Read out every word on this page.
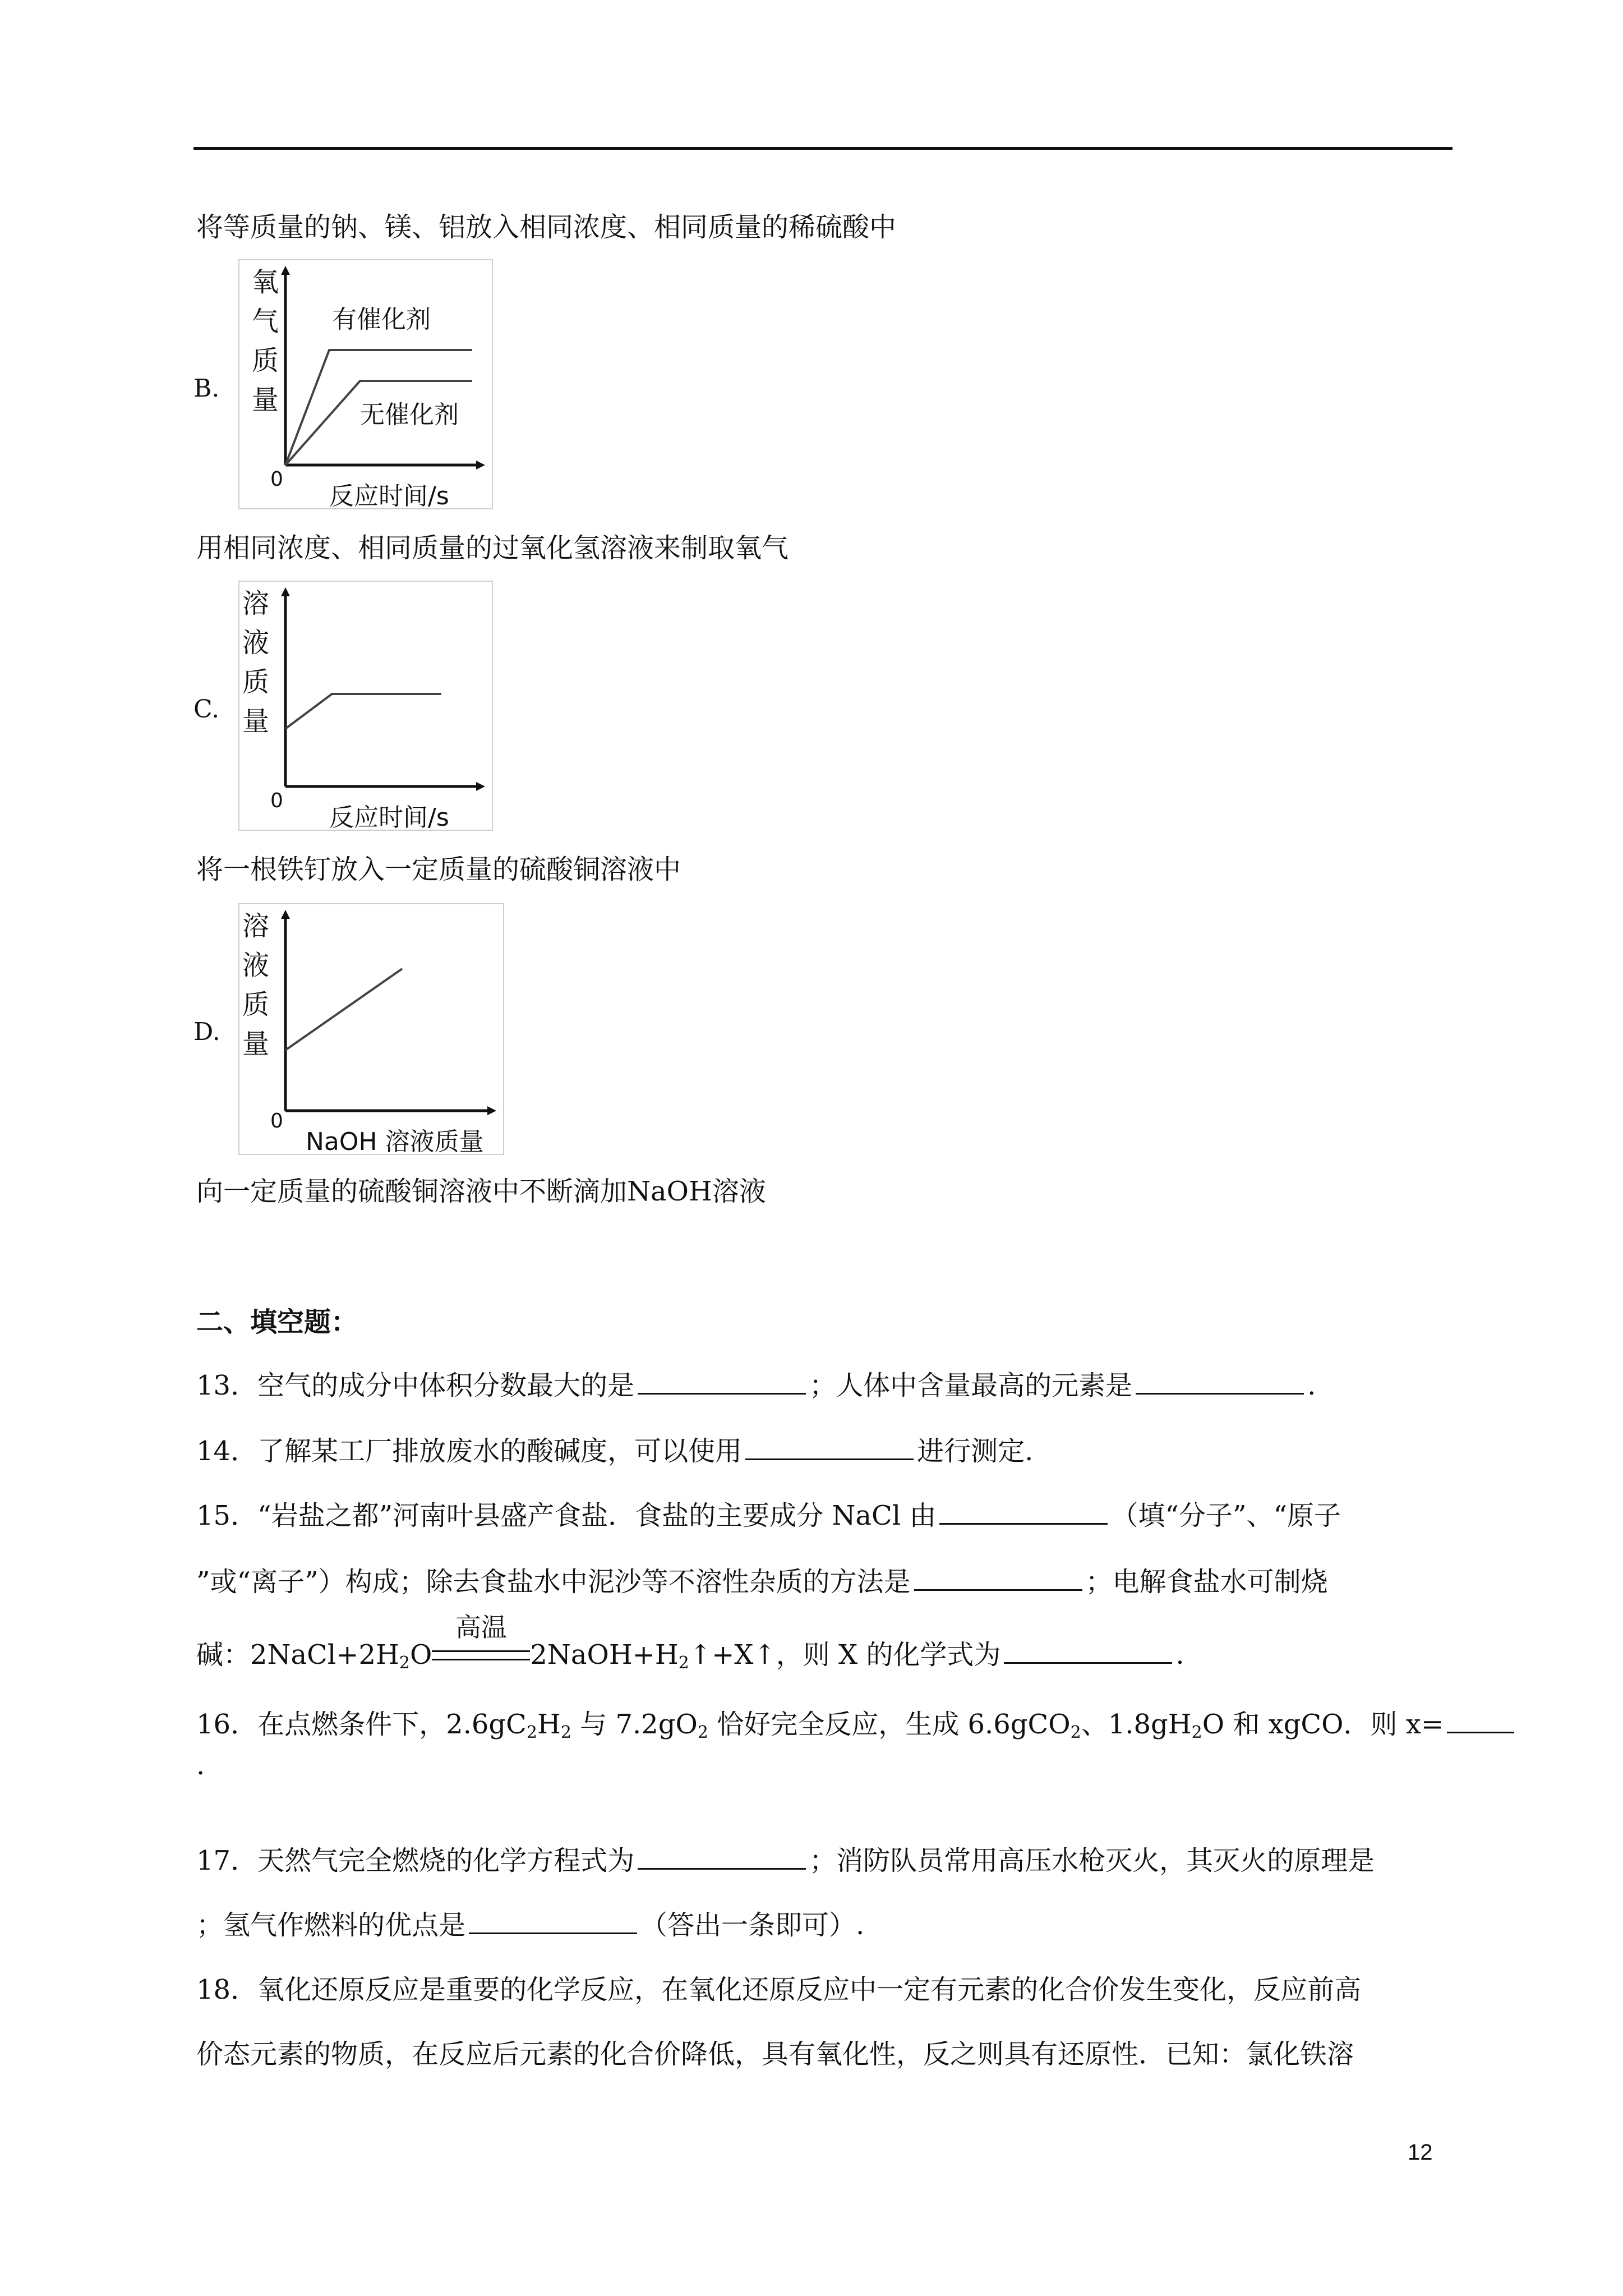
将等质量的钠、镁、铝放入相同浓度、相同质量的稀硫酸中
B.
氧
气
质
量
0
反应时间/s
有催化剂
无催化剂
用相同浓度、相同质量的过氧化氢溶液来制取氧气
C.
溶
液
质
量
0
反应时间/s
将一根铁钉放入一定质量的硫酸铜溶液中
D.
溶
液
质
量
0
NaOH 溶液质量
向一定质量的硫酸铜溶液中不断滴加NaOH溶液
二、填空题：
13．空气的成分中体积分数最大的是	；人体中含量最高的元素是	.
14．了解某工厂排放废水的酸碱度，可以使用	进行测定.
15．“岩盐之都”河南叶县盛产食盐．食盐的主要成分 NaCl 由	（填“分子”、“原子
”或“离子”）构成；除去食盐水中泥沙等不溶性杂质的方法是	；电解食盐水可制烧
碱：$2NaCl+2H_2O$
高温
$2NaOH+H_2↑+X↑$，则 X 的化学式为	.
16．在点燃条件下，$2.6gC_2H_2$ 与 $7.2gO_2$ 恰好完全反应，生成 6.6gCO$_2$、$1.8gH_2O$ 和 xgCO．则 x=
.
17．天然气完全燃烧的化学方程式为	；消防队员常用高压水枪灭火，其灭火的原理是
；氢气作燃料的优点是	（答出一条即可）.
18．氧化还原反应是重要的化学反应，在氧化还原反应中一定有元素的化合价发生变化，反应前高
价态元素的物质，在反应后元素的化合价降低，具有氧化性，反之则具有还原性．已知：氯化铁溶
12
